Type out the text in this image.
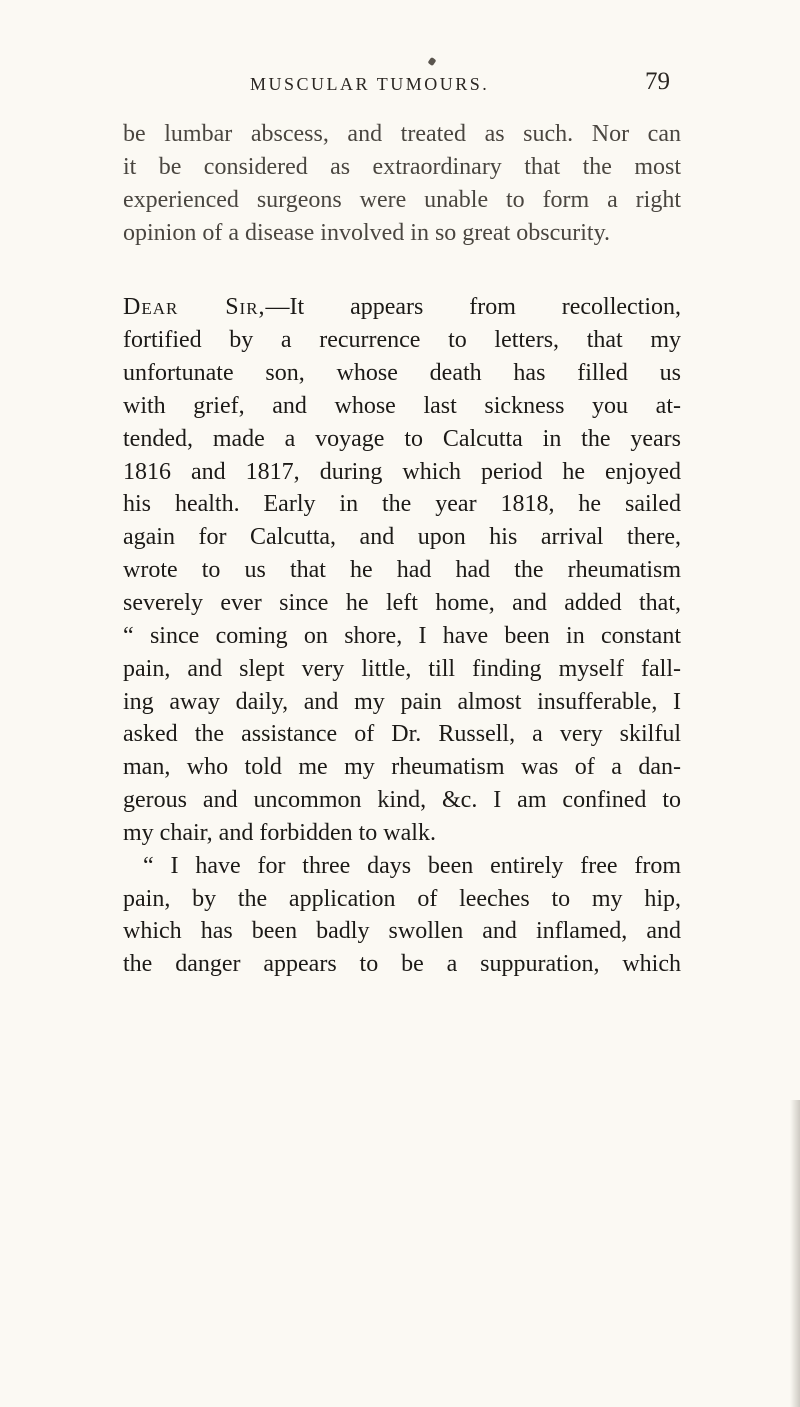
MUSCULAR TUMOURS.	79
be lumbar abscess, and treated as such. Nor can
it be considered as extraordinary that the most
experienced surgeons were unable to form a right
opinion of a disease involved in so great obscurity.
Dear Sir,—It appears from recollection,
fortified by a recurrence to letters, that my
unfortunate son, whose death has filled us
with grief, and whose last sickness you at-
tended, made a voyage to Calcutta in the years
1816 and 1817, during which period he enjoyed
his health. Early in the year 1818, he sailed
again for Calcutta, and upon his arrival there,
wrote to us that he had had the rheumatism
severely ever since he left home, and added that,
“ since coming on shore, I have been in constant
pain, and slept very little, till finding myself fall-
ing away daily, and my pain almost insufferable, I
asked the assistance of Dr. Russell, a very skilful
man, who told me my rheumatism was of a dan-
gerous and uncommon kind, &c. I am confined to
my chair, and forbidden to walk.
“ I have for three days been entirely free from
pain, by the application of leeches to my hip,
which has been badly swollen and inflamed, and
the danger appears to be a suppuration, which
